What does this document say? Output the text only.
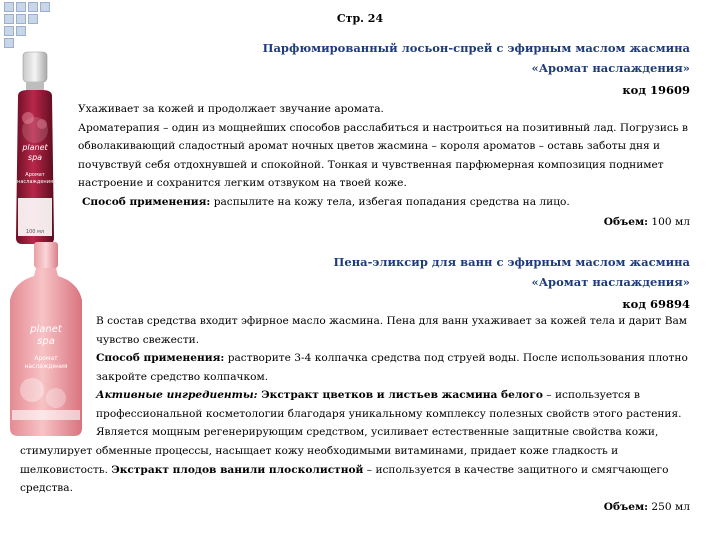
Стр. 24
planet
spa
Аромат
наслаждения
100 мл
Парфюмированный лосьон-спрей с эфирным маслом жасмина
«Аромат наслаждения»
код 19609
Ухаживает за кожей и продолжает звучание аромата.
Ароматерапия – один из мощнейших способов расслабиться и настроиться на позитивный лад. Погрузись в
обволакивающий сладостный аромат ночных цветов жасмина – короля ароматов – оставь заботы дня и
почувствуй себя отдохнувшей и спокойной. Тонкая и чувственная парфюмерная композиция поднимет
настроение и сохранится легким отзвуком на твоей коже.
Способ применения: распылите на кожу тела, избегая попадания средства на лицо.
Объем: 100 мл
planet
spa
Аромат
наслаждения
Пена-эликсир для ванн с эфирным маслом жасмина
«Аромат наслаждения»
код 69894
В состав средства входит эфирное масло жасмина. Пена для ванн ухаживает за кожей тела и дарит Вам
чувство свежести.
Способ применения: растворите 3-4 колпачка средства под струей воды. После использования плотно
закройте средство колпачком.
Активные ингредиенты: Экстракт цветков и листьев жасмина белого – используется в
профессиональной косметологии благодаря уникальному комплексу полезных свойств этого растения.
Является мощным регенерирующим средством, усиливает естественные защитные свойства кожи,
стимулирует обменные процессы, насыщает кожу необходимыми витаминами, придает коже гладкость и
шелковистость. Экстракт плодов ванили плосколистной – используется в качестве защитного и смягчающего
средства.
Объем: 250 мл
